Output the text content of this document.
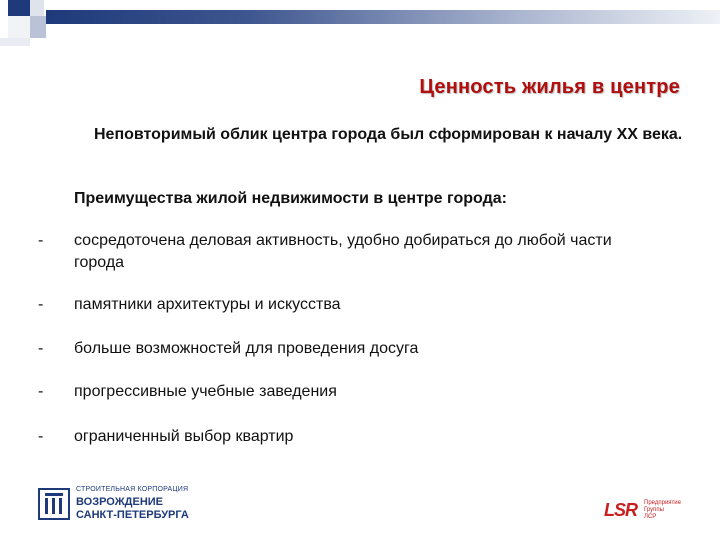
Ценность жилья в центре
Неповторимый облик центра города был сформирован к началу XX века.
Преимущества жилой недвижимости в центре города:
-	сосредоточена деловая активность, удобно добираться до любой части города
-	памятники архитектуры и искусства
-	больше возможностей для проведения досуга
-	прогрессивные учебные заведения
-	ограниченный выбор квартир
СТРОИТЕЛЬНАЯ КОРПОРАЦИЯ
ВОЗРОЖДЕНИЕ
САНКТ-ПЕТЕРБУРГА	LSR Предприятие
Группы
ЛСР
